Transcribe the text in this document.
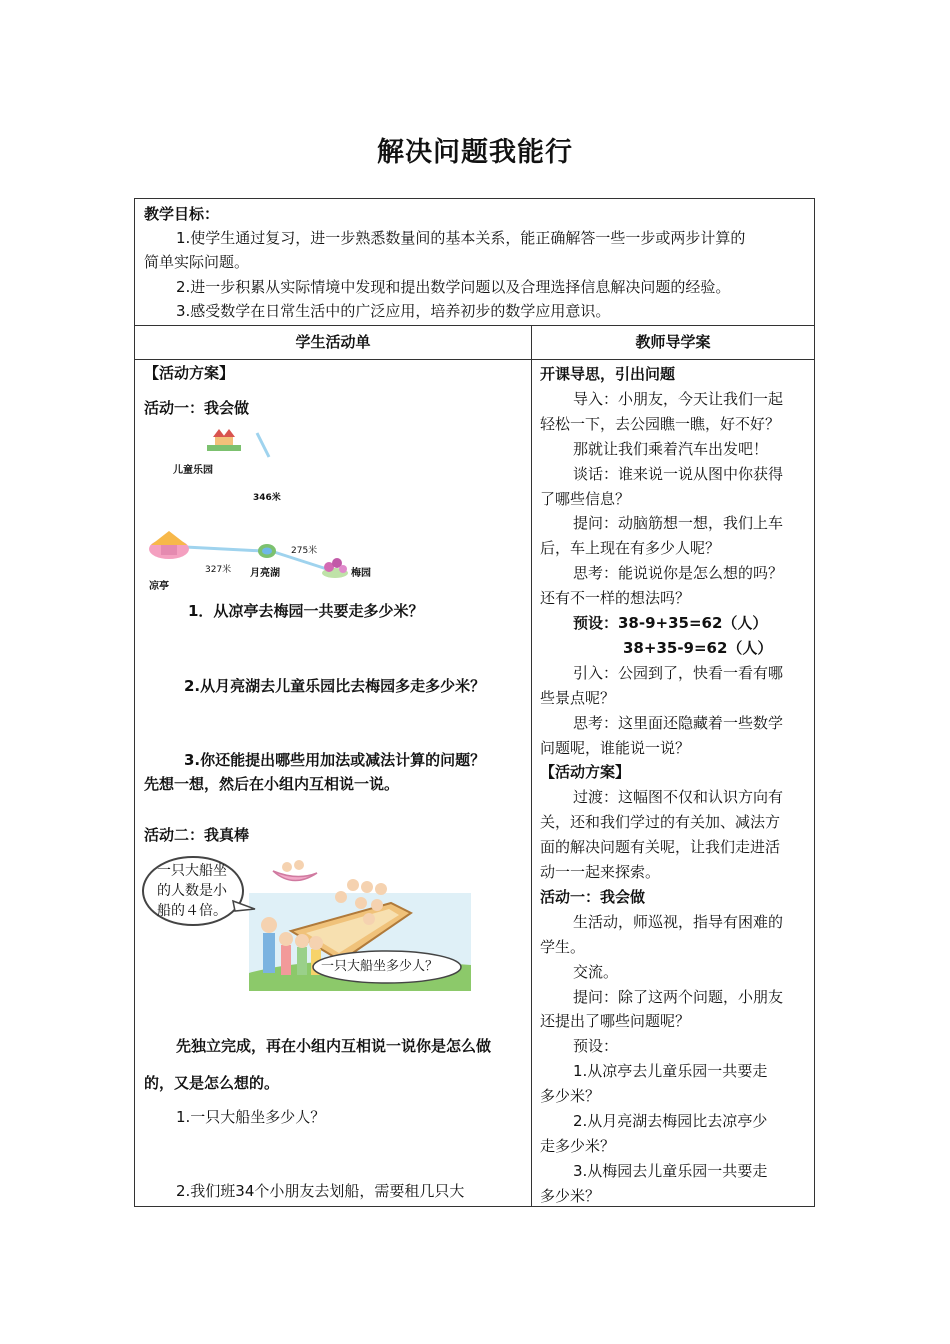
解决问题我能行
教学目标：
1.使学生通过复习，进一步熟悉数量间的基本关系，能正确解答一些一步或两步计算的
简单实际问题。
2.进一步积累从实际情境中发现和提出数学问题以及合理选择信息解决问题的经验。
3.感受数学在日常生活中的广泛应用，培养初步的数学应用意识。
学生活动单	教师导学案
【活动方案】
活动一：我会做
儿童乐园
346米
275米
327米 月亮湖	梅园
凉亭
1．从凉亭去梅园一共要走多少米？
2.从月亮湖去儿童乐园比去梅园多走多少米？
3.你还能提出哪些用加法或减法计算的问题？
先想一想，然后在小组内互相说一说。
活动二：我真棒
一只大船坐
的人数是小
船的４倍。
一只大船坐多少人？
先独立完成，再在小组内互相说一说你是怎么做
的，又是怎么想的。
1.一只大船坐多少人？
2.我们班34个小朋友去划船，需要租几只大
开课导思，引出问题
导入：小朋友，今天让我们一起
轻松一下，去公园瞧一瞧，好不好？
那就让我们乘着汽车出发吧！
谈话：谁来说一说从图中你获得
了哪些信息？
提问：动脑筋想一想，我们上车
后，车上现在有多少人呢？
思考：能说说你是怎么想的吗？
还有不一样的想法吗？
预设：38-9+35=62（人）
38+35-9=62（人）
引入：公园到了，快看一看有哪
些景点呢？
思考：这里面还隐藏着一些数学
问题呢，谁能说一说？
【活动方案】
过渡：这幅图不仅和认识方向有
关，还和我们学过的有关加、减法方
面的解决问题有关呢，让我们走进活
动一一起来探索。
活动一：我会做
生活动，师巡视，指导有困难的
学生。
交流。
提问：除了这两个问题，小朋友
还提出了哪些问题呢？
预设：
1.从凉亭去儿童乐园一共要走
多少米？
2.从月亮湖去梅园比去凉亭少
走多少米？
3.从梅园去儿童乐园一共要走
多少米？
